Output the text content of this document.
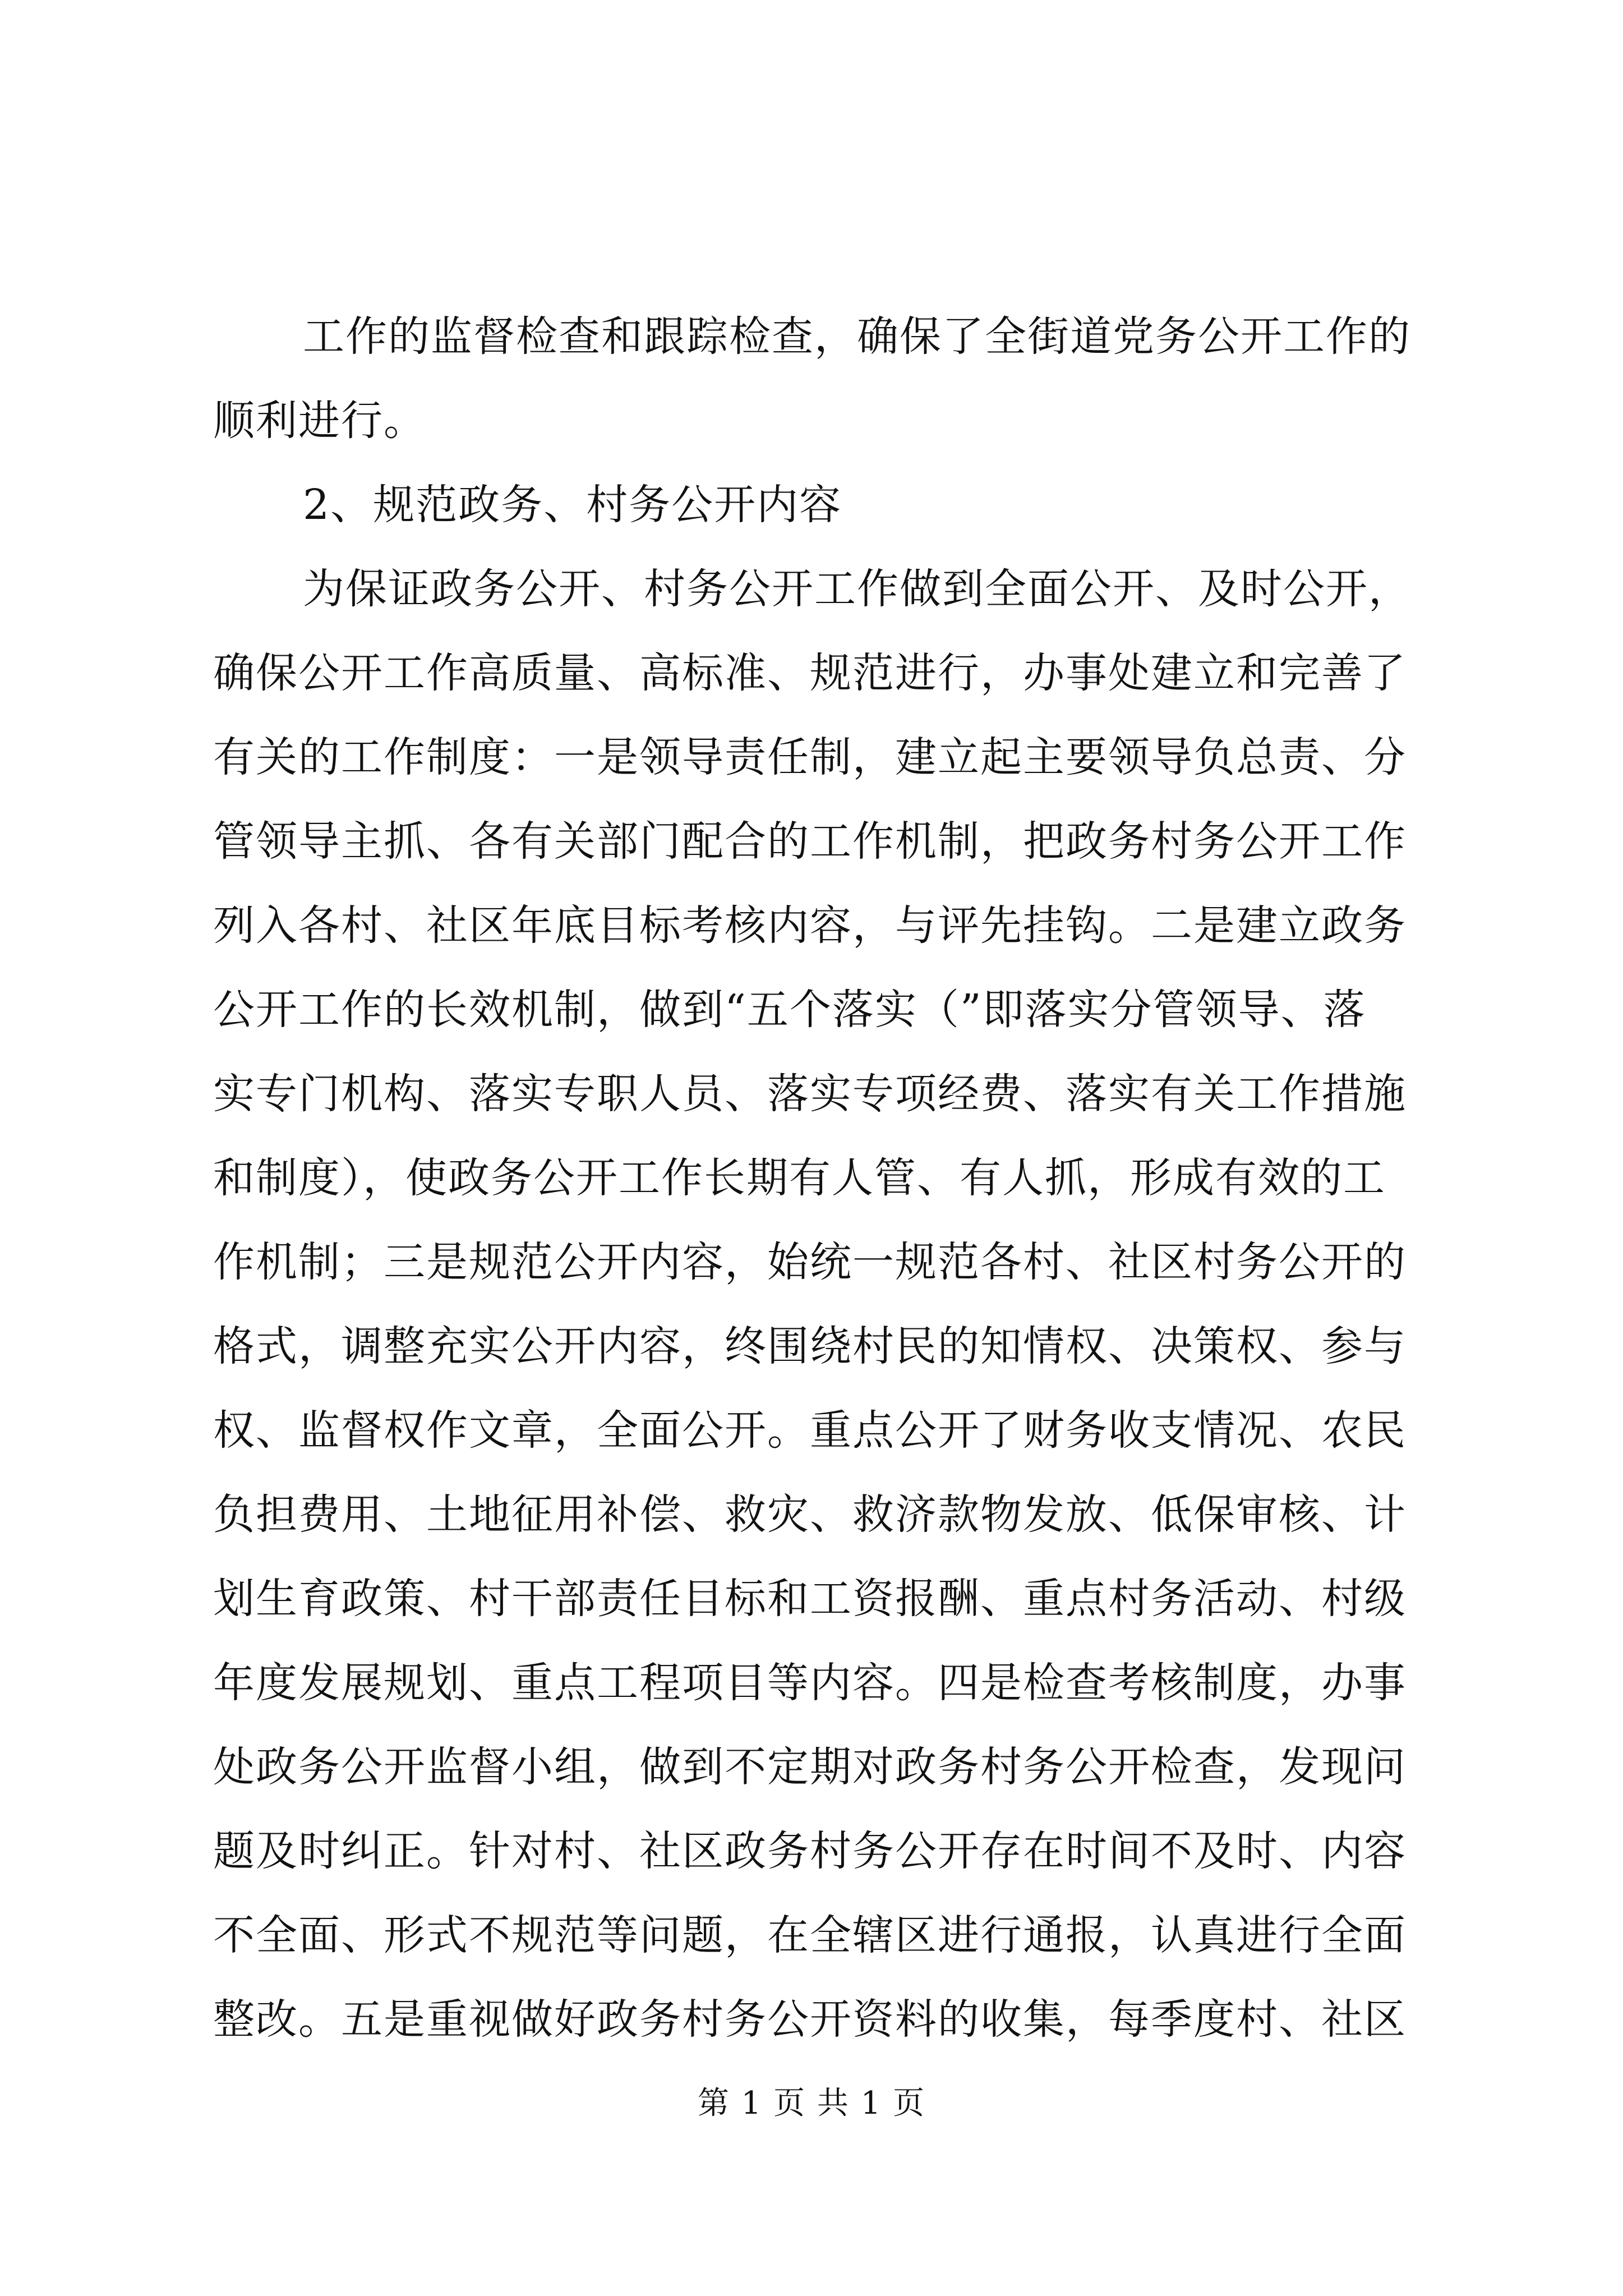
工作的监督检查和跟踪检查，确保了全街道党务公开工作的
顺利进行。
2、规范政务、村务公开内容
为保证政务公开、村务公开工作做到全面公开、及时公开，
确保公开工作高质量、高标准、规范进行，办事处建立和完善了
有关的工作制度：一是领导责任制，建立起主要领导负总责、分
管领导主抓、各有关部门配合的工作机制，把政务村务公开工作
列入各村、社区年底目标考核内容，与评先挂钩。二是建立政务
公开工作的长效机制，做到“五个落实（”即落实分管领导、落
实专门机构、落实专职人员、落实专项经费、落实有关工作措施
和制度），使政务公开工作长期有人管、有人抓，形成有效的工
作机制；三是规范公开内容，始统一规范各村、社区村务公开的
格式，调整充实公开内容，终围绕村民的知情权、决策权、参与
权、监督权作文章，全面公开。重点公开了财务收支情况、农民
负担费用、土地征用补偿、救灾、救济款物发放、低保审核、计
划生育政策、村干部责任目标和工资报酬、重点村务活动、村级
年度发展规划、重点工程项目等内容。四是检查考核制度，办事
处政务公开监督小组，做到不定期对政务村务公开检查，发现问
题及时纠正。针对村、社区政务村务公开存在时间不及时、内容
不全面、形式不规范等问题，在全辖区进行通报，认真进行全面
整改。五是重视做好政务村务公开资料的收集，每季度村、社区
第 1 页 共 1 页
